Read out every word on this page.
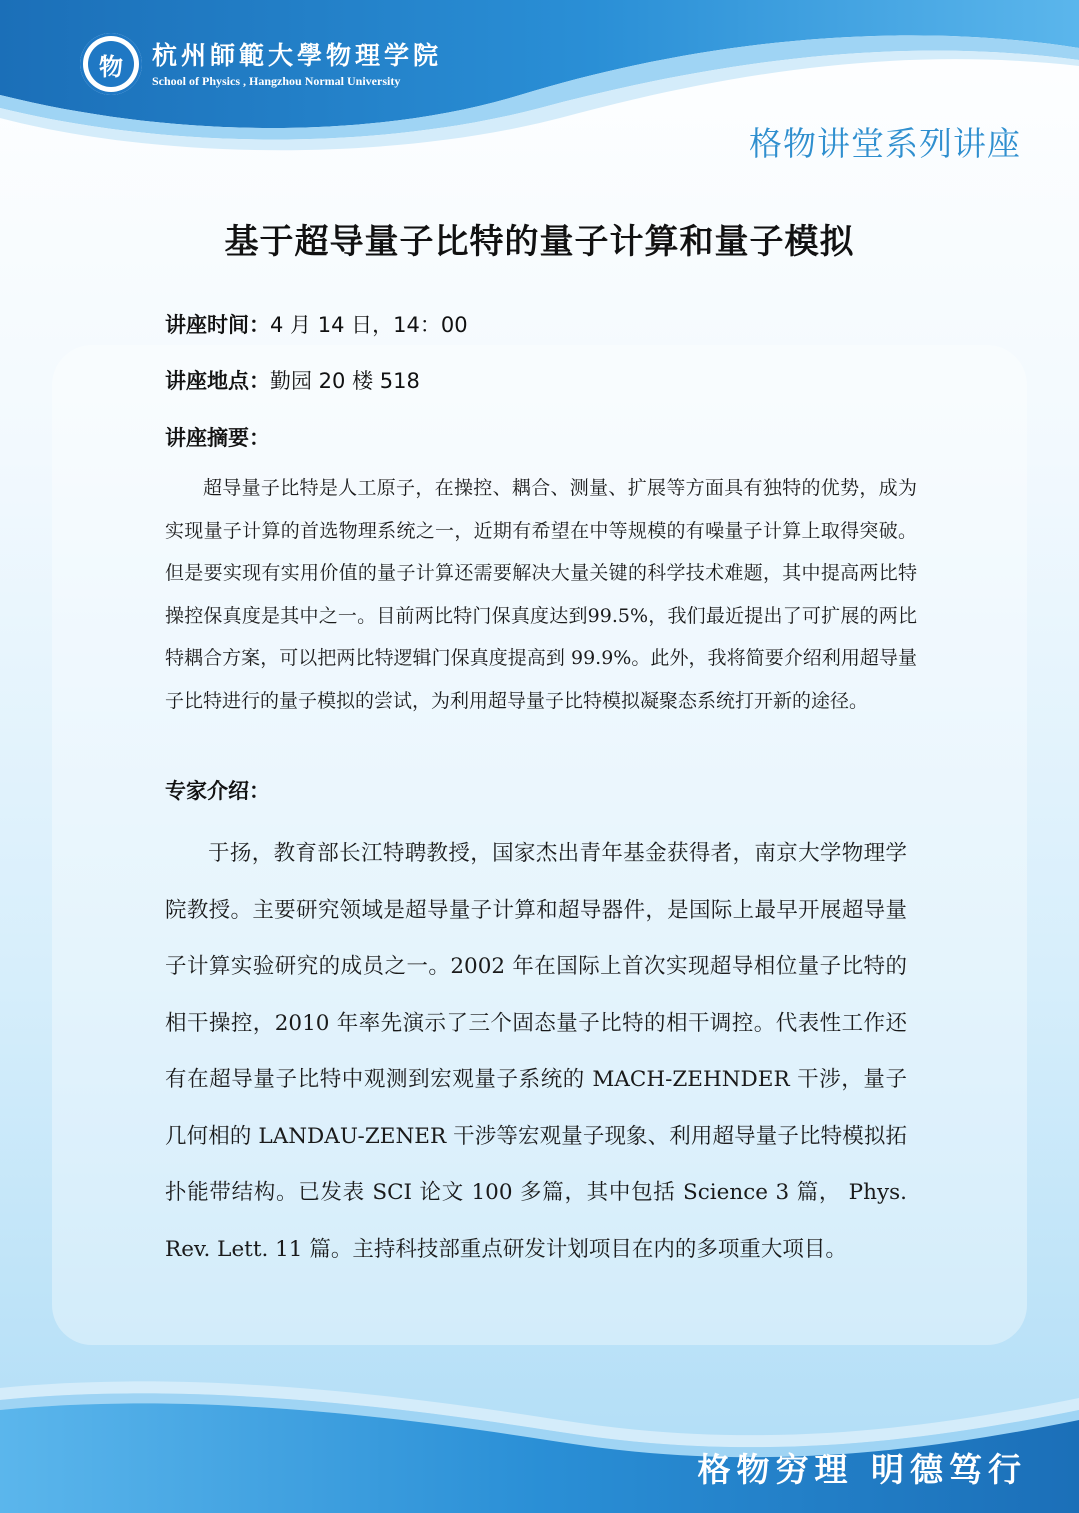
物	杭州師範大學物理学院
School of Physics , Hangzhou Normal University
格物讲堂系列讲座
基于超导量子比特的量子计算和量子模拟
讲座时间：4 月 14 日，14：00
讲座地点：勤园 20 楼 518
讲座摘要：

超导量子比特是人工原子，在操控、耦合、测量、扩展等方面具有独特的优势，成为实现量子计算的首选物理系统之一，近期有希望在中等规模的有噪量子计算上取得突破。但是要实现有实用价值的量子计算还需要解决大量关键的科学技术难题，其中提高两比特操控保真度是其中之一。目前两比特门保真度达到99.5%，我们最近提出了可扩展的两比特耦合方案，可以把两比特逻辑门保真度提高到 99.9%。此外，我将简要介绍利用超导量子比特进行的量子模拟的尝试，为利用超导量子比特模拟凝聚态系统打开新的途径。

专家介绍：

于扬，教育部长江特聘教授，国家杰出青年基金获得者，南京大学物理学院教授。主要研究领域是超导量子计算和超导器件，是国际上最早开展超导量子计算实验研究的成员之一。2002 年在国际上首次实现超导相位量子比特的相干操控，2010 年率先演示了三个固态量子比特的相干调控。代表性工作还有在超导量子比特中观测到宏观量子系统的 MACH-ZEHNDER 干涉，量子几何相的 LANDAU-ZENER 干涉等宏观量子现象、利用超导量子比特模拟拓扑能带结构。已发表 SCI 论文 100 多篇，其中包括 Science 3 篇， Phys. Rev. Lett. 11 篇。主持科技部重点研发计划项目在内的多项重大项目。

格物穷理 明德笃行
